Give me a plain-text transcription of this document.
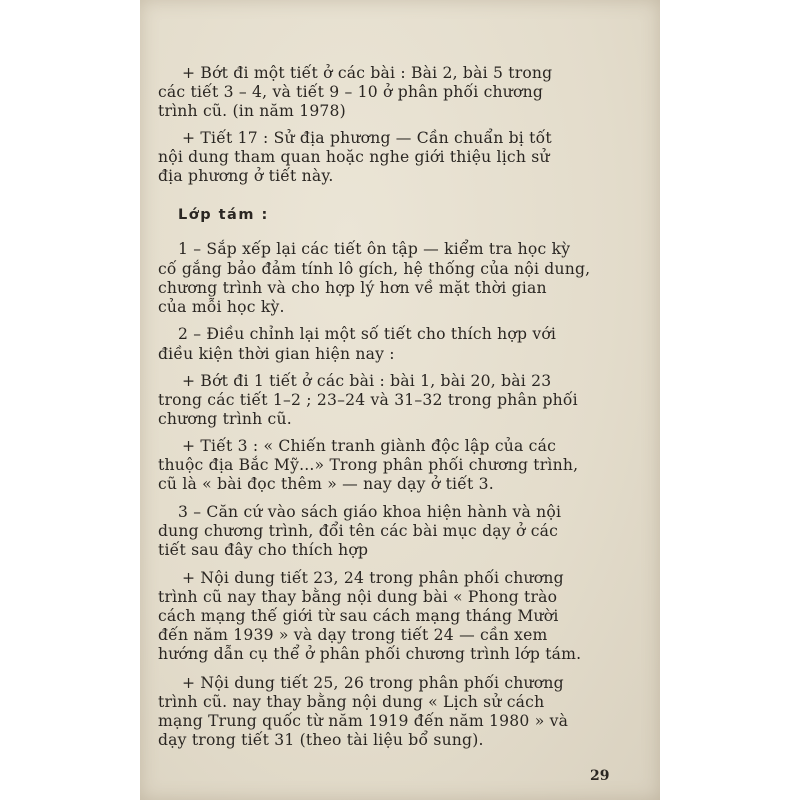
+ Bớt đi một tiết ở các bài : Bài 2, bài 5 trong
các tiết 3 – 4, và tiết 9 – 10 ở phân phối chương
trình cũ. (in năm 1978)
+ Tiết 17 : Sử địa phương — Cần chuẩn bị tốt
nội dung tham quan hoặc nghe giới thiệu lịch sử
địa phương ở tiết này.
Lớp tám :
1 – Sắp xếp lại các tiết ôn tập — kiểm tra học kỳ
cố gắng bảo đảm tính lô gích, hệ thống của nội dung,
chương trình và cho hợp lý hơn về mặt thời gian
của mỗi học kỳ.
2 – Điều chỉnh lại một số tiết cho thích hợp với
điều kiện thời gian hiện nay :
+ Bớt đi 1 tiết ở các bài : bài 1, bài 20, bài 23
trong các tiết 1–2 ; 23–24 và 31–32 trong phân phối
chương trình cũ.
+ Tiết 3 : « Chiến tranh giành độc lập của các
thuộc địa Bắc Mỹ...» Trong phân phối chương trình,
cũ là « bài đọc thêm » — nay dạy ở tiết 3.
3 – Căn cứ vào sách giáo khoa hiện hành và nội
dung chương trình, đổi tên các bài mục dạy ở các
tiết sau đây cho thích hợp
+ Nội dung tiết 23, 24 trong phân phối chương
trình cũ nay thay bằng nội dung bài « Phong trào
cách mạng thế giới từ sau cách mạng tháng Mười
đến năm 1939 » và dạy trong tiết 24 — cần xem
hướng dẫn cụ thể ở phân phối chương trình lớp tám.
+ Nội dung tiết 25, 26 trong phân phối chương
trình cũ. nay thay bằng nội dung « Lịch sử cách
mạng Trung quốc từ năm 1919 đến năm 1980 » và
dạy trong tiết 31 (theo tài liệu bổ sung).
29
